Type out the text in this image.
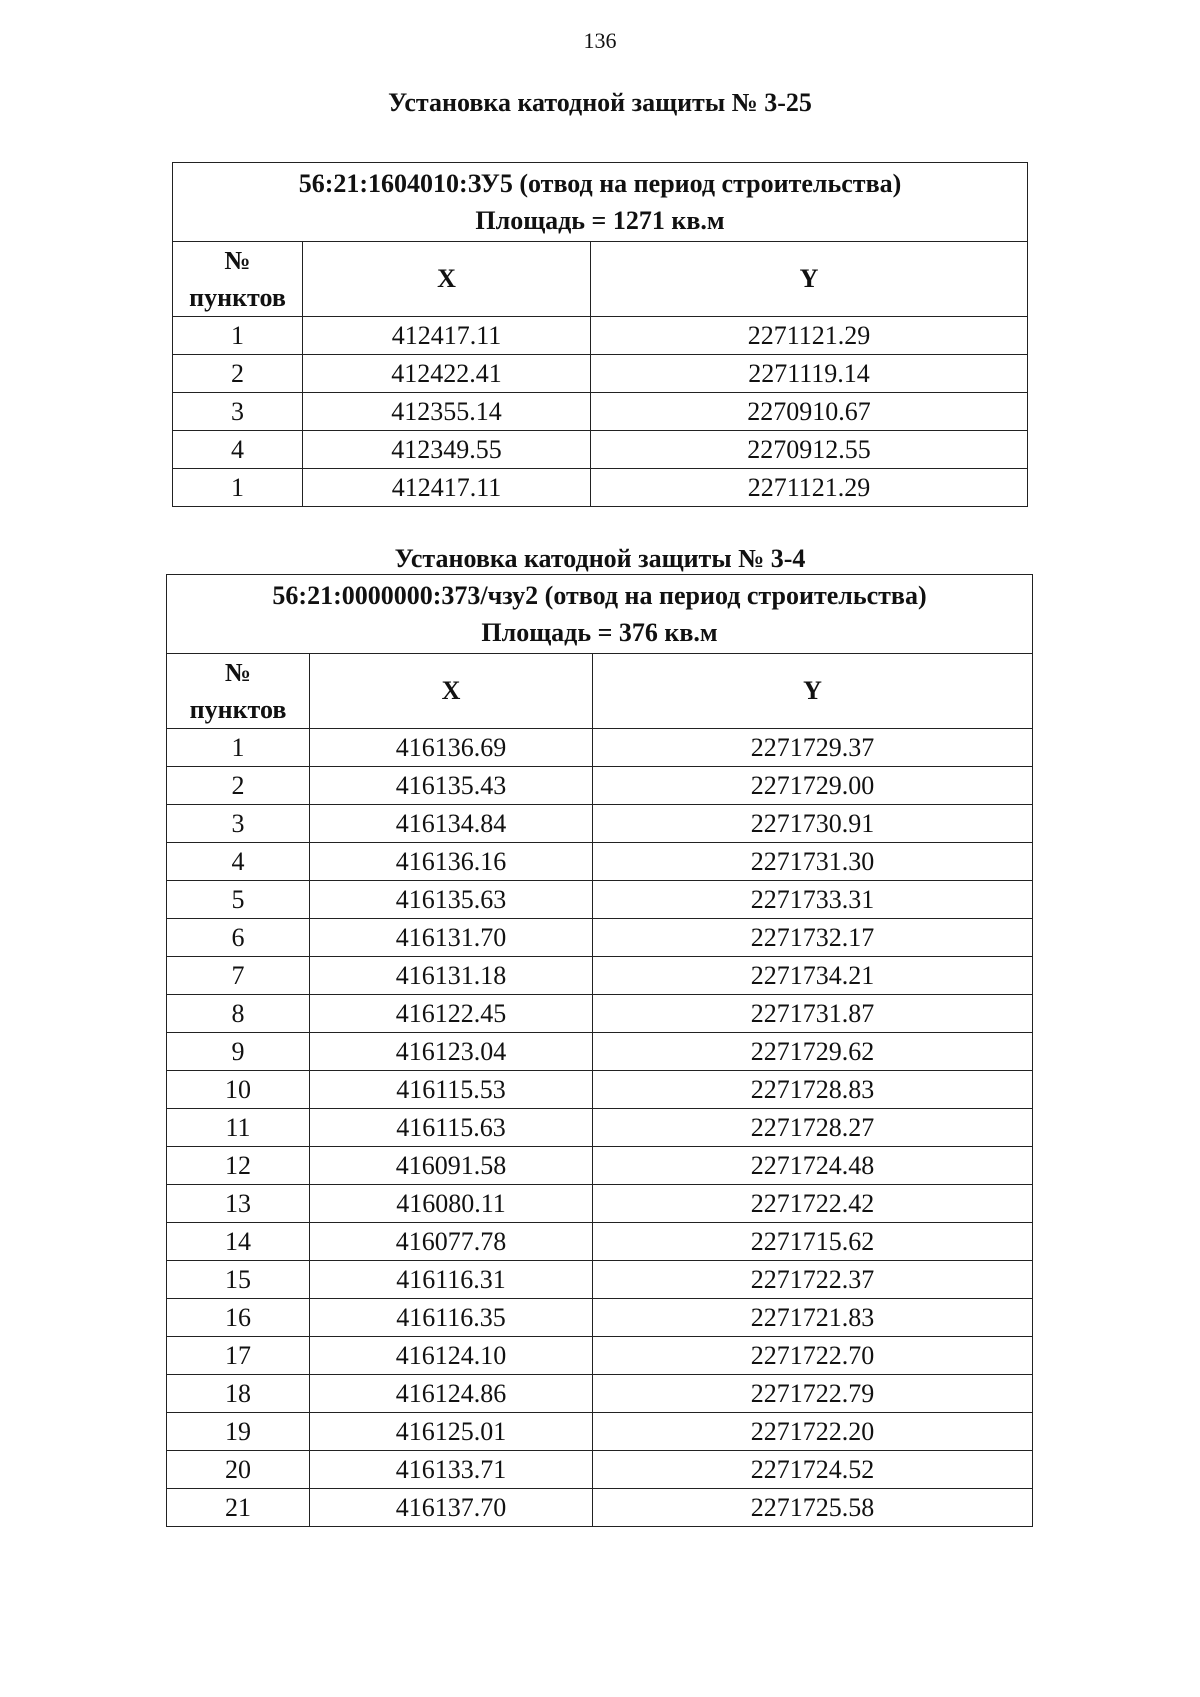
136
Установка катодной защиты № 3-25
56:21:1604010:ЗУ5 (отвод на период строительства)
Площадь = 1271 кв.м		

№
пунктов	X	Y
1	412417.11	2271121.29
2	412422.41	2271119.14
3	412355.14	2270910.67
4	412349.55	2270912.55
1	412417.11	2271121.29
Установка катодной защиты № 3-4
56:21:0000000:373/чзу2 (отвод на период строительства)
Площадь = 376 кв.м		

№
пунктов	X	Y
1	416136.69	2271729.37
2	416135.43	2271729.00
3	416134.84	2271730.91
4	416136.16	2271731.30
5	416135.63	2271733.31
6	416131.70	2271732.17
7	416131.18	2271734.21
8	416122.45	2271731.87
9	416123.04	2271729.62
10	416115.53	2271728.83
11	416115.63	2271728.27
12	416091.58	2271724.48
13	416080.11	2271722.42
14	416077.78	2271715.62
15	416116.31	2271722.37
16	416116.35	2271721.83
17	416124.10	2271722.70
18	416124.86	2271722.79
19	416125.01	2271722.20
20	416133.71	2271724.52
21	416137.70	2271725.58
